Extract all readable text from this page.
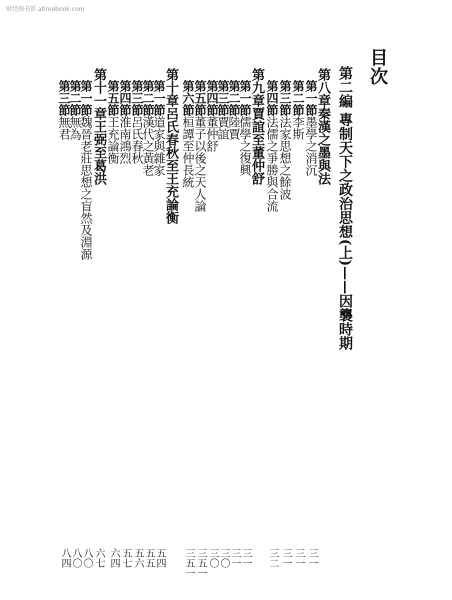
财经图书馆 atimebook.com
目
次
第二編 專制天下之政治思想(上)——因襲時期
第八章秦漢之墨與法
第一節墨學之消沉
三一
第二節李斯
三一
第三節法家思想之餘波
三一
第四節法儒之爭勝與合流
三二
第九章賈誼至董仲舒
第一節儒學之復興
三一
第二節陸賈
三一
第三節賈誼
三〇
第四節董仲舒
三〇
第五節董子以後之天人論
三五一
第六節桓譚至仲長統
三五一
第十章呂氏春秋至王充論衡
第一節道家與雜家
五四
第二節漢代之黃老
五五
第三節呂氏春秋
五六
第四節淮南鴻烈
五七
第五節王充論衡
六四
第十一章王弼至葛洪
六七
第一節魏晉老莊思想之盲然及淵源
八〇
第二節無為
八〇
第三節無君
八四
